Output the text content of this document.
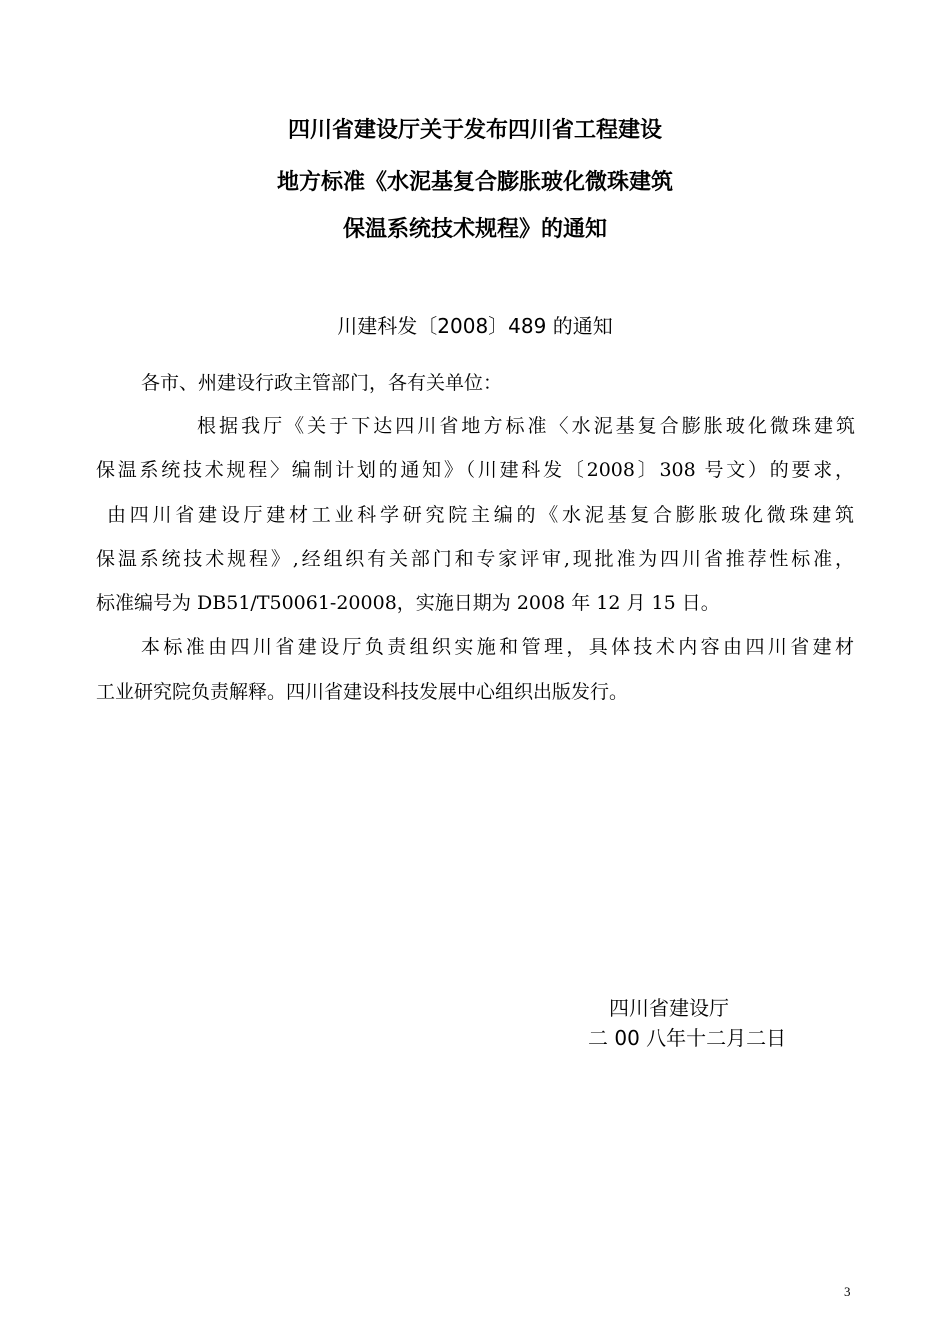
四川省建设厅关于发布四川省工程建设
地方标准《水泥基复合膨胀玻化微珠建筑
保温系统技术规程》的通知
川建科发〔2008〕489 的通知
各市、州建设行政主管部门，各有关单位：
根据我厅《关于下达四川省地方标准〈水泥基复合膨胀玻化微珠建筑
保温系统技术规程〉编制计划的通知》（川建科发〔2008〕308 号文）的要求，
由四川省建设厅建材工业科学研究院主编的《水泥基复合膨胀玻化微珠建筑
保温系统技术规程》,经组织有关部门和专家评审,现批准为四川省推荐性标准，
标准编号为 DB51/T50061-20008，实施日期为 2008 年 12 月 15 日。
本标准由四川省建设厅负责组织实施和管理，具体技术内容由四川省建材
工业研究院负责解释。四川省建设科技发展中心组织出版发行。
四川省建设厅
二 00 八年十二月二日
3
